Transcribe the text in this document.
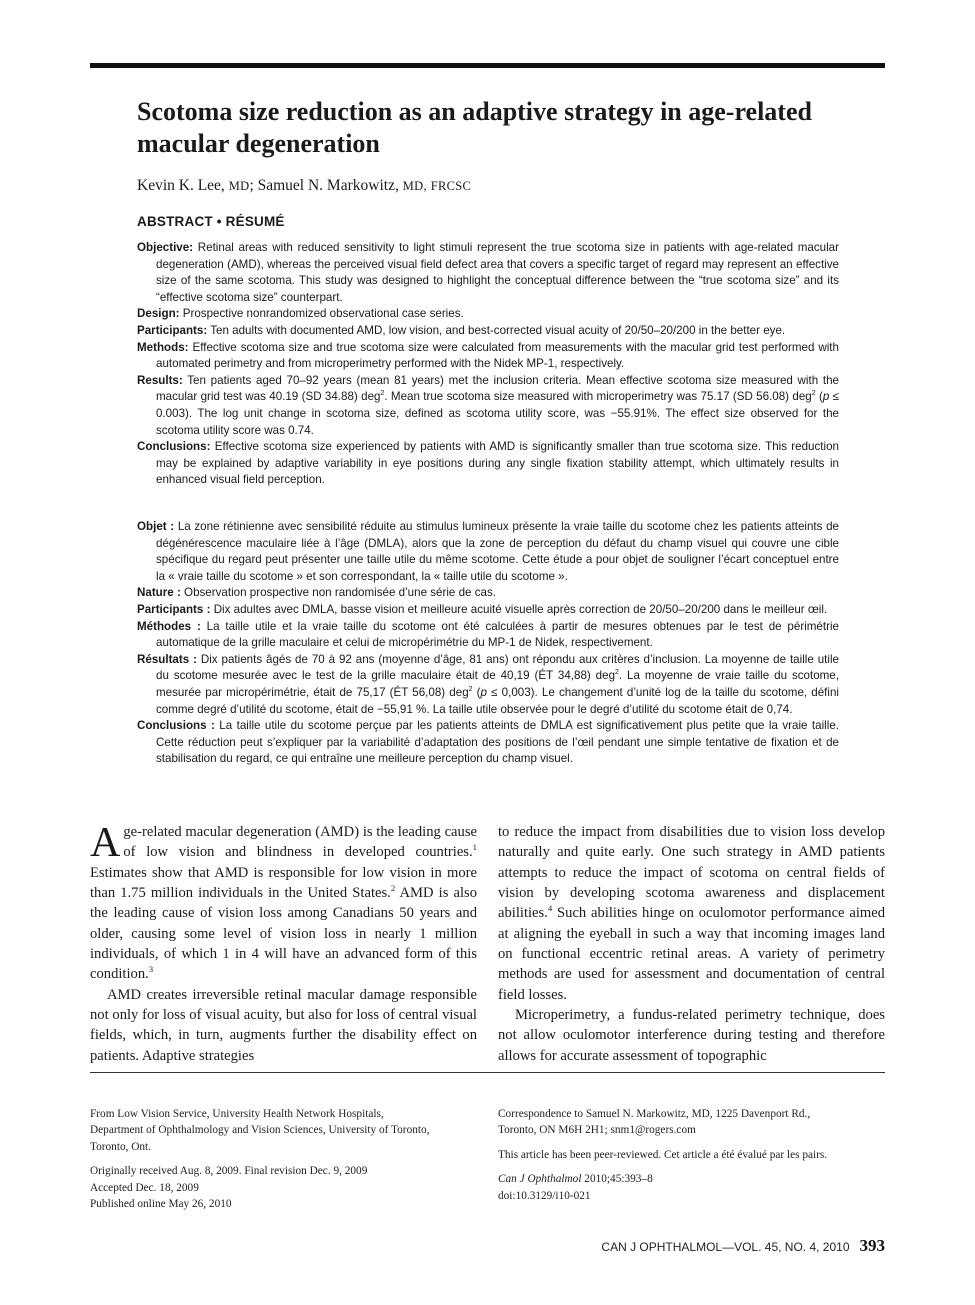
Scotoma size reduction as an adaptive strategy in age-related macular degeneration
Kevin K. Lee, MD; Samuel N. Markowitz, MD, FRCSC
ABSTRACT • RÉSUMÉ

Objective: Retinal areas with reduced sensitivity to light stimuli represent the true scotoma size in patients with age-related macular degeneration (AMD), whereas the perceived visual field defect area that covers a specific target of regard may represent an effective size of the same scotoma. This study was designed to highlight the conceptual difference between the “true scotoma size” and its “effective scotoma size” counterpart.

Design: Prospective nonrandomized observational case series.

Participants: Ten adults with documented AMD, low vision, and best-corrected visual acuity of 20/50–20/200 in the better eye.

Methods: Effective scotoma size and true scotoma size were calculated from measurements with the macular grid test performed with automated perimetry and from microperimetry performed with the Nidek MP-1, respectively.

Results: Ten patients aged 70–92 years (mean 81 years) met the inclusion criteria. Mean effective scotoma size measured with the macular grid test was 40.19 (SD 34.88) deg$^2$. Mean true scotoma size measured with microperimetry was 75.17 (SD 56.08) deg$^2$ (p ≤ 0.003). The log unit change in scotoma size, defined as scotoma utility score, was −55.91%. The effect size observed for the scotoma utility score was 0.74.

Conclusions: Effective scotoma size experienced by patients with AMD is significantly smaller than true scotoma size. This reduction may be explained by adaptive variability in eye positions during any single fixation stability attempt, which ultimately results in enhanced visual field perception.

Objet : La zone rétinienne avec sensibilité réduite au stimulus lumineux présente la vraie taille du scotome chez les patients atteints de dégénérescence maculaire liée à l’âge (DMLA), alors que la zone de perception du défaut du champ visuel qui couvre une cible spécifique du regard peut présenter une taille utile du même scotome. Cette étude a pour objet de souligner l’écart conceptuel entre la « vraie taille du scotome » et son correspondant, la « taille utile du scotome ».

Nature : Observation prospective non randomisée d’une série de cas.

Participants : Dix adultes avec DMLA, basse vision et meilleure acuité visuelle après correction de 20/50–20/200 dans le meilleur œil.

Méthodes : La taille utile et la vraie taille du scotome ont été calculées à partir de mesures obtenues par le test de périmétrie automatique de la grille maculaire et celui de micropérimétrie du MP-1 de Nidek, respectivement.

Résultats : Dix patients âgés de 70 à 92 ans (moyenne d’âge, 81 ans) ont répondu aux critères d’inclusion. La moyenne de taille utile du scotome mesurée avec le test de la grille maculaire était de 40,19 (ÉT 34,88) deg$^2$. La moyenne de vraie taille du scotome, mesurée par micropérimétrie, était de 75,17 (ÉT 56,08) deg$^2$ (p ≤ 0,003). Le changement d’unité log de la taille du scotome, défini comme degré d’utilité du scotome, était de −55,91 %. La taille utile observée pour le degré d’utilité du scotome était de 0,74.

Conclusions : La taille utile du scotome perçue par les patients atteints de DMLA est significativement plus petite que la vraie taille. Cette réduction peut s’expliquer par la variabilité d’adaptation des positions de l’œil pendant une simple tentative de fixation et de stabilisation du regard, ce qui entraîne une meilleure perception du champ visuel.

Age-related macular degeneration (AMD) is the leading cause of low vision and blindness in developed countries.$^1$ Estimates show that AMD is responsible for low vision in more than 1.75 million individuals in the United States.$^2$ AMD is also the leading cause of vision loss among Canadians 50 years and older, causing some level of vision loss in nearly 1 million individuals, of which 1 in 4 will have an advanced form of this condition.$^3$

AMD creates irreversible retinal macular damage responsible not only for loss of visual acuity, but also for loss of central visual fields, which, in turn, augments further the disability effect on patients. Adaptive strategies

to reduce the impact from disabilities due to vision loss develop naturally and quite early. One such strategy in AMD patients attempts to reduce the impact of scotoma on central fields of vision by developing scotoma awareness and displacement abilities.$^4$ Such abilities hinge on oculomotor performance aimed at aligning the eyeball in such a way that incoming images land on functional eccentric retinal areas. A variety of perimetry methods are used for assessment and documentation of central field losses.

Microperimetry, a fundus-related perimetry technique, does not allow oculomotor interference during testing and therefore allows for accurate assessment of topographic

From Low Vision Service, University Health Network Hospitals,
Department of Ophthalmology and Vision Sciences, University of Toronto,
Toronto, Ont.

Originally received Aug. 8, 2009. Final revision Dec. 9, 2009
Accepted Dec. 18, 2009
Published online May 26, 2010

Correspondence to Samuel N. Markowitz, MD, 1225 Davenport Rd.,
Toronto, ON M6H 2H1; snm1@rogers.com

This article has been peer-reviewed. Cet article a été évalué par les pairs.

Can J Ophthalmol 2010;45:393–8
doi:10.3129/i10-021

CAN J OPHTHALMOL—VOL. 45, NO. 4, 2010 393
